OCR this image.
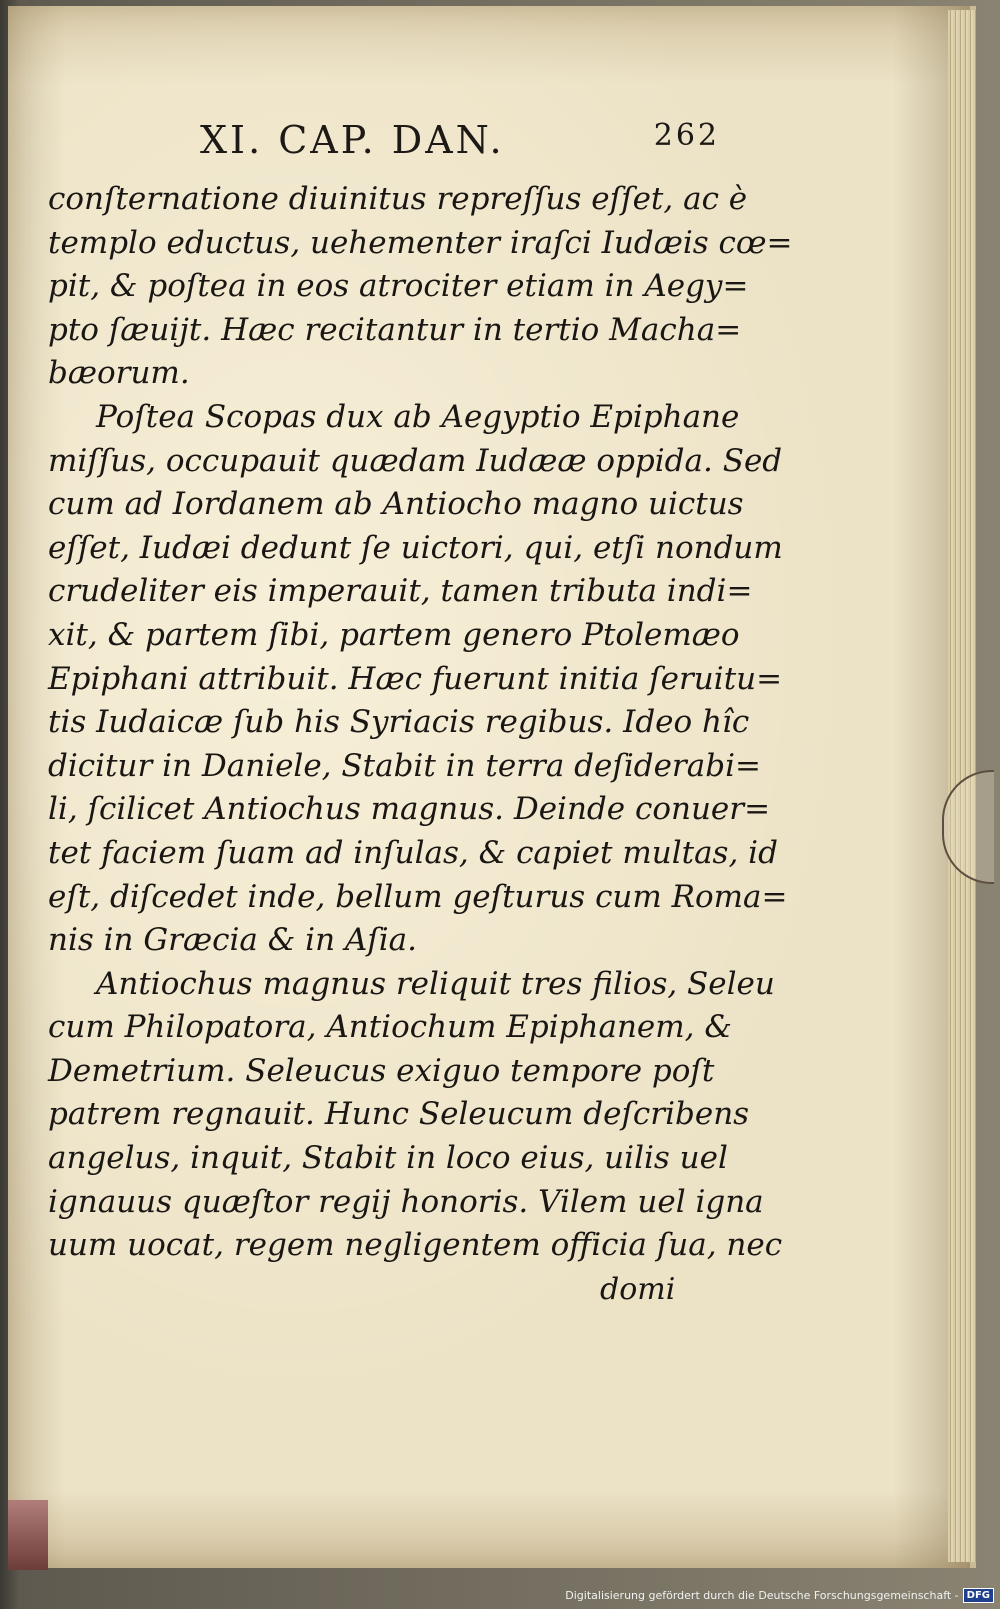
XI. CAP. DAN.	262
conſternatione diuinitus repreſſus eſſet, ac è
templo eductus, uehementer iraſci Iudæis cœ=
pit, & poſtea in eos atrociter etiam in Aegy=
pto ſæuijt. Hæc recitantur in tertio Macha=
bæorum.
Poſtea Scopas dux ab Aegyptio Epiphane
miſſus, occupauit quædam Iudææ oppida. Sed
cum ad Iordanem ab Antiocho magno uictus
eſſet, Iudæi dedunt ſe uictori, qui, etſi nondum
crudeliter eis imperauit, tamen tributa indi=
xit, & partem ſibi, partem genero Ptolemæo
Epiphani attribuit. Hæc fuerunt initia ſeruitu=
tis Iudaicæ ſub his Syriacis regibus. Ideo hîc
dicitur in Daniele, Stabit in terra deſiderabi=
li, ſcilicet Antiochus magnus. Deinde conuer=
tet faciem ſuam ad inſulas, & capiet multas, id
eſt, diſcedet inde, bellum geſturus cum Roma=
nis in Græcia & in Aſia.
Antiochus magnus reliquit tres filios, Seleu
cum Philopatora, Antiochum Epiphanem, &
Demetrium. Seleucus exiguo tempore poſt
patrem regnauit. Hunc Seleucum deſcribens
angelus, inquit, Stabit in loco eius, uilis uel
ignauus quæſtor regij honoris. Vilem uel igna
uum uocat, regem negligentem officia ſua, nec
domi
Digitalisierung gefördert durch die Deutsche Forschungsgemeinschaft - DFG
